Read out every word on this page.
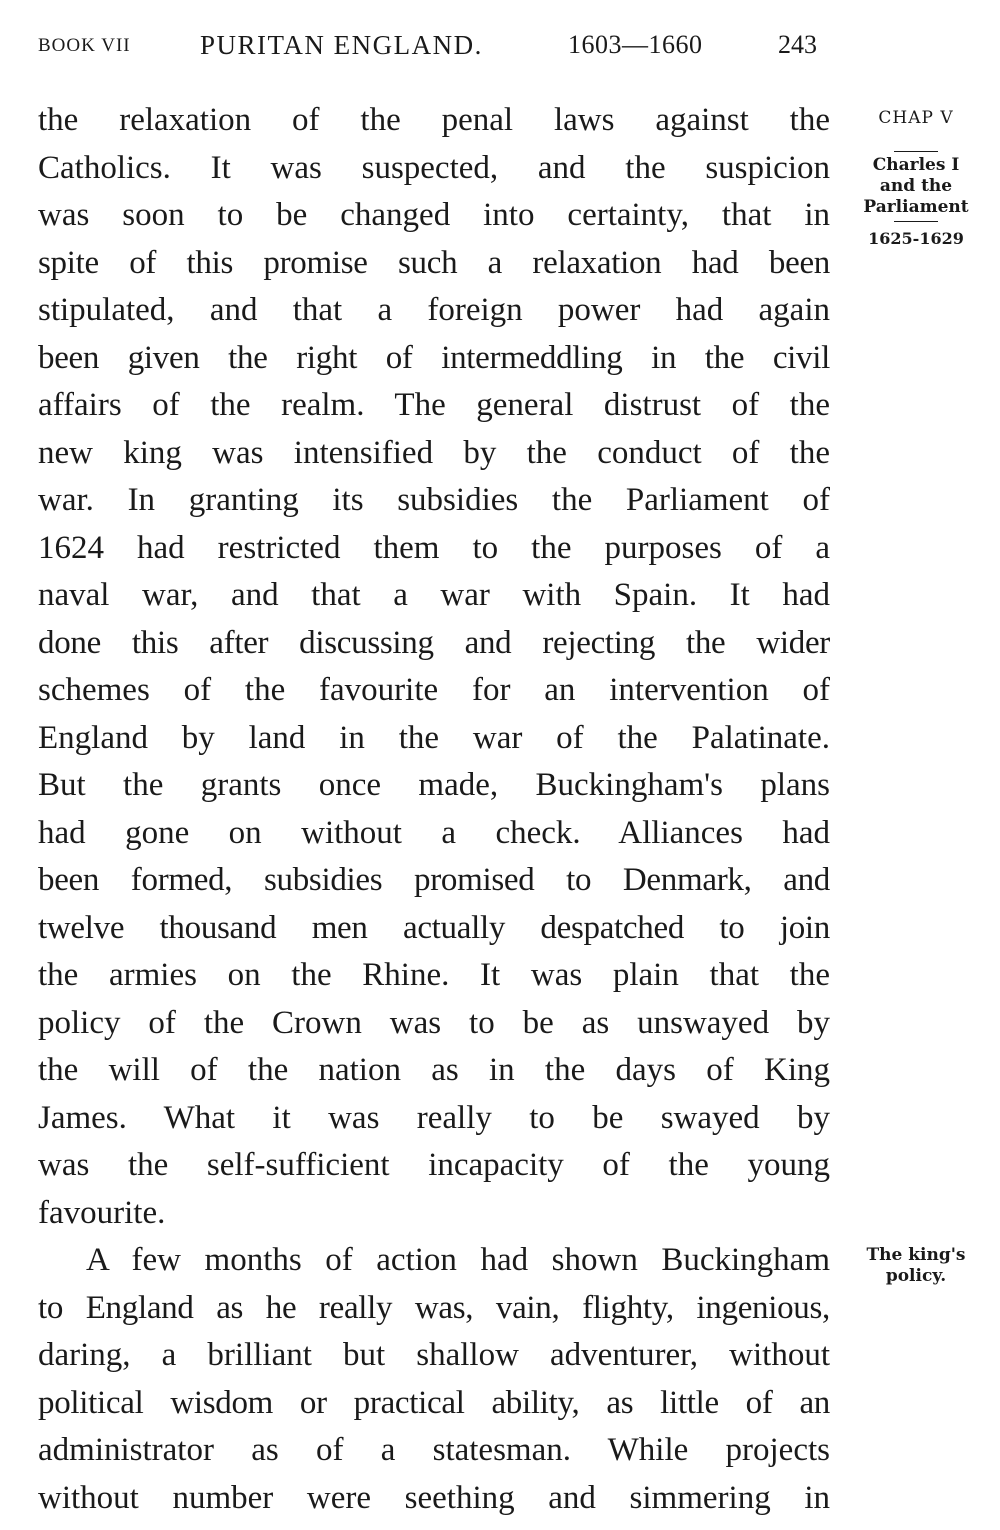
BOOK VII	PURITAN ENGLAND.	1603—1660	243
CHAP V
Charles I
and the
Parliament
1625-1629
The king's
policy.
the relaxation of the penal laws against the
Catholics. It was suspected, and the suspicion
was soon to be changed into certainty, that in
spite of this promise such a relaxation had been
stipulated, and that a foreign power had again
been given the right of intermeddling in the civil
affairs of the realm. The general distrust of the
new king was intensified by the conduct of the
war. In granting its subsidies the Parliament of
1624 had restricted them to the purposes of a
naval war, and that a war with Spain. It had
done this after discussing and rejecting the wider
schemes of the favourite for an intervention of
England by land in the war of the Palatinate.
But the grants once made, Buckingham's plans
had gone on without a check. Alliances had
been formed, subsidies promised to Denmark, and
twelve thousand men actually despatched to join
the armies on the Rhine. It was plain that the
policy of the Crown was to be as unswayed by
the will of the nation as in the days of King
James. What it was really to be swayed by
was the self-sufficient incapacity of the young
favourite.
A few months of action had shown Buckingham
to England as he really was, vain, flighty, ingenious,
daring, a brilliant but shallow adventurer, without
political wisdom or practical ability, as little of an
administrator as of a statesman. While projects
without number were seething and simmering in
